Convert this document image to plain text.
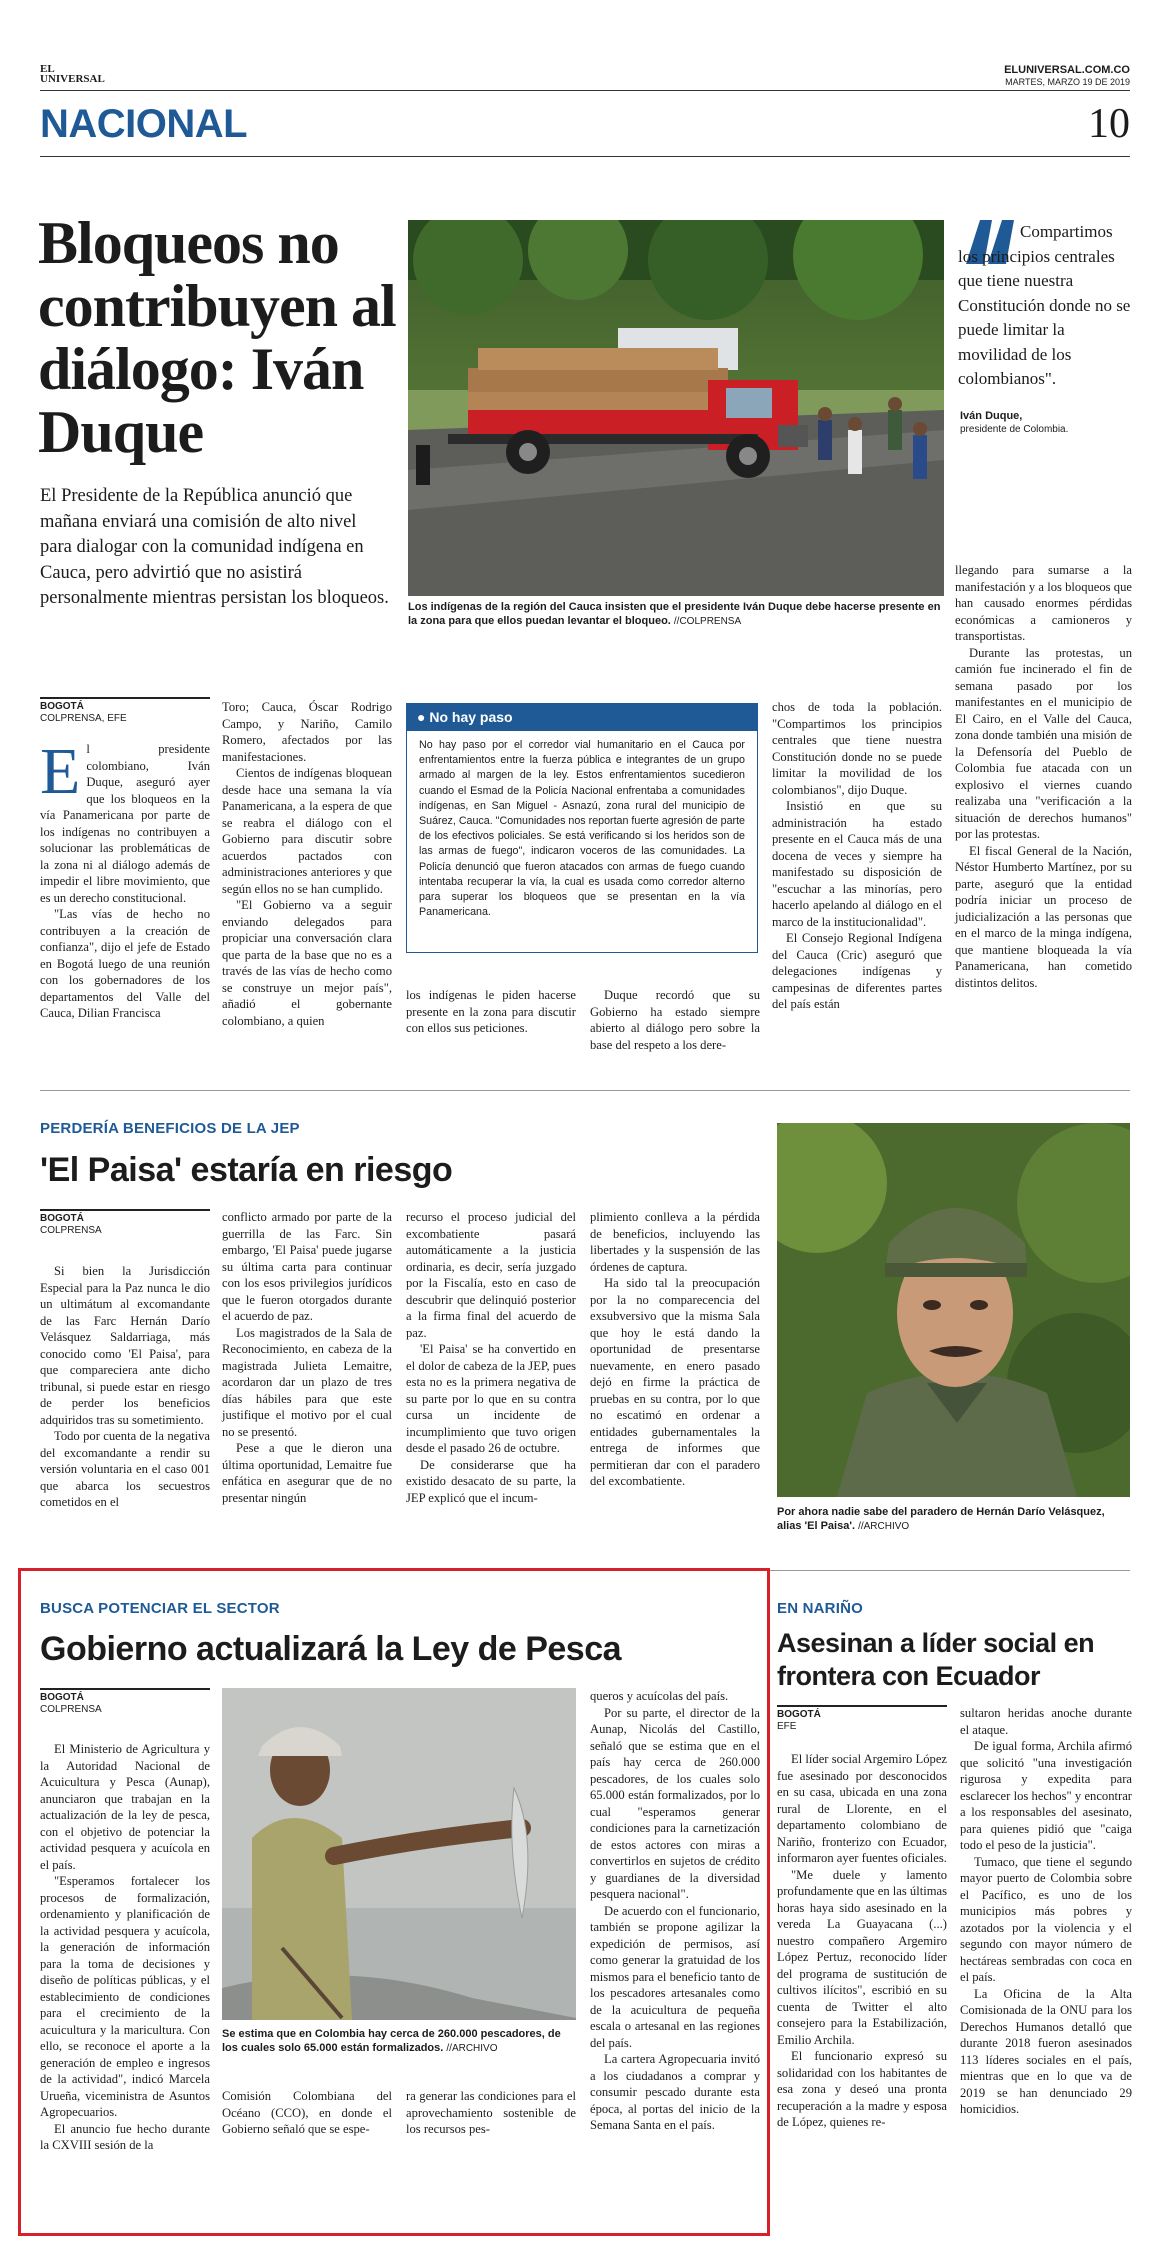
EL UNIVERSAL
ELUNIVERSAL.COM.CO
MARTES, MARZO 19 DE 2019
NACIONAL	10
Bloqueos no contribuyen al diálogo: Iván Duque
El Presidente de la República anunció que mañana enviará una comisión de alto nivel para dialogar con la comunidad indígena en Cauca, pero advirtió que no asistirá personalmente mientras persistan los bloqueos. Los indígenas de la región del Cauca insisten que el presidente Iván Duque debe hacerse presente en la zona para que ellos puedan levantar el bloqueo. //COLPRENSA
Compartimos los principios centrales que tiene nuestra Constitución donde no se puede limitar la movilidad de los colombianos".
Iván Duque,
presidente de Colombia.
BOGOTÁ
COLPRENSA, EFE

El presidente colombiano, Iván Duque, aseguró ayer que los bloqueos en la vía Panamericana por parte de los indígenas no contribuyen a solucionar las problemáticas de la zona ni al diálogo además de impedir el libre movimiento, que es un derecho constitucional.

"Las vías de hecho no contribuyen a la creación de confianza", dijo el jefe de Estado en Bogotá luego de una reunión con los gobernadores de los departamentos del Valle del Cauca, Dilian Francisca

Toro; Cauca, Óscar Rodrigo Campo, y Nariño, Camilo Romero, afectados por las manifestaciones.

Cientos de indígenas bloquean desde hace una semana la vía Panamericana, a la espera de que se reabra el diálogo con el Gobierno para discutir sobre acuerdos pactados con administraciones anteriores y que según ellos no se han cumplido.

"El Gobierno va a seguir enviando delegados para propiciar una conversación clara que parta de la base que no es a través de las vías de hecho como se construye un mejor país", añadió el gobernante colombiano, a quien

● No hay paso
No hay paso por el corredor vial humanitario en el Cauca por enfrentamientos entre la fuerza pública e integrantes de un grupo armado al margen de la ley. Estos enfrentamientos sucedieron cuando el Esmad de la Policía Nacional enfrentaba a comunidades indígenas, en San Miguel - Asnazú, zona rural del municipio de Suárez, Cauca. "Comunidades nos reportan fuerte agresión de parte de los efectivos policiales. Se está verificando si los heridos son de las armas de fuego", indicaron voceros de las comunidades. La Policía denunció que fueron atacados con armas de fuego cuando intentaba recuperar la vía, la cual es usada como corredor alterno para superar los bloqueos que se presentan en la vía Panamericana.

los indígenas le piden hacerse presente en la zona para discutir con ellos sus peticiones.

Duque recordó que su Gobierno ha estado siempre abierto al diálogo pero sobre la base del respeto a los dere-

chos de toda la población. "Compartimos los principios centrales que tiene nuestra Constitución donde no se puede limitar la movilidad de los colombianos", dijo Duque.

Insistió en que su administración ha estado presente en el Cauca más de una docena de veces y siempre ha manifestado su disposición de "escuchar a las minorías, pero hacerlo apelando al diálogo en el marco de la institucionalidad".

El Consejo Regional Indígena del Cauca (Cric) aseguró que delegaciones indígenas y campesinas de diferentes partes del país están

llegando para sumarse a la manifestación y a los bloqueos que han causado enormes pérdidas económicas a camioneros y transportistas.

Durante las protestas, un camión fue incinerado el fin de semana pasado por los manifestantes en el municipio de El Cairo, en el Valle del Cauca, zona donde también una misión de la Defensoría del Pueblo de Colombia fue atacada con un explosivo el viernes cuando realizaba una "verificación a la situación de derechos humanos" por las protestas.

El fiscal General de la Nación, Néstor Humberto Martínez, por su parte, aseguró que la entidad podría iniciar un proceso de judicialización a las personas que en el marco de la minga indígena, que mantiene bloqueada la vía Panamericana, han cometido distintos delitos.

PERDERÍA BENEFICIOS DE LA JEP
'El Paisa' estaría en riesgo
BOGOTÁ
COLPRENSA

Si bien la Jurisdicción Especial para la Paz nunca le dio un ultimátum al excomandante de las Farc Hernán Darío Velásquez Saldarriaga, más conocido como 'El Paisa', para que compareciera ante dicho tribunal, si puede estar en riesgo de perder los beneficios adquiridos tras su sometimiento.

Todo por cuenta de la negativa del excomandante a rendir su versión voluntaria en el caso 001 que abarca los secuestros cometidos en el

conflicto armado por parte de la guerrilla de las Farc. Sin embargo, 'El Paisa' puede jugarse su última carta para continuar con los esos privilegios jurídicos que le fueron otorgados durante el acuerdo de paz.

Los magistrados de la Sala de Reconocimiento, en cabeza de la magistrada Julieta Lemaitre, acordaron dar un plazo de tres días hábiles para que este justifique el motivo por el cual no se presentó.

Pese a que le dieron una última oportunidad, Lemaitre fue enfática en asegurar que de no presentar ningún

recurso el proceso judicial del excombatiente pasará automáticamente a la justicia ordinaria, es decir, sería juzgado por la Fiscalía, esto en caso de descubrir que delinquió posterior a la firma final del acuerdo de paz.

'El Paisa' se ha convertido en el dolor de cabeza de la JEP, pues esta no es la primera negativa de su parte por lo que en su contra cursa un incidente de incumplimiento que tuvo origen desde el pasado 26 de octubre.

De considerarse que ha existido desacato de su parte, la JEP explicó que el incum-

plimiento conlleva a la pérdida de beneficios, incluyendo las libertades y la suspensión de las órdenes de captura.

Ha sido tal la preocupación por la no comparecencia del exsubversivo que la misma Sala que hoy le está dando la oportunidad de presentarse nuevamente, en enero pasado dejó en firme la práctica de pruebas en su contra, por lo que no escatimó en ordenar a entidades gubernamentales la entrega de informes que permitieran dar con el paradero del excombatiente.

Por ahora nadie sabe del paradero de Hernán Darío Velásquez, alias 'El Paisa'. //ARCHIVO
BUSCA POTENCIAR EL SECTOR
Gobierno actualizará la Ley de Pesca
BOGOTÁ
COLPRENSA

El Ministerio de Agricultura y la Autoridad Nacional de Acuicultura y Pesca (Aunap), anunciaron que trabajan en la actualización de la ley de pesca, con el objetivo de potenciar la actividad pesquera y acuícola en el país.

"Esperamos fortalecer los procesos de formalización, ordenamiento y planificación de la actividad pesquera y acuícola, la generación de información para la toma de decisiones y diseño de políticas públicas, y el establecimiento de condiciones para el crecimiento de la acuicultura y la maricultura. Con ello, se reconoce el aporte a la generación de empleo e ingresos de la actividad", indicó Marcela Urueña, viceministra de Asuntos Agropecuarios.

El anuncio fue hecho durante la CXVIII sesión de la

Se estima que en Colombia hay cerca de 260.000 pescadores, de los cuales solo 65.000 están formalizados. //ARCHIVO

Comisión Colombiana del Océano (CCO), en donde el Gobierno señaló que se espe-

ra generar las condiciones para el aprovechamiento sostenible de los recursos pes-

queros y acuícolas del país.

Por su parte, el director de la Aunap, Nicolás del Castillo, señaló que se estima que en el país hay cerca de 260.000 pescadores, de los cuales solo 65.000 están formalizados, por lo cual "esperamos generar condiciones para la carnetización de estos actores con miras a convertirlos en sujetos de crédito y guardianes de la diversidad pesquera nacional".

De acuerdo con el funcionario, también se propone agilizar la expedición de permisos, así como generar la gratuidad de los mismos para el beneficio tanto de los pescadores artesanales como de la acuicultura de pequeña escala o artesanal en las regiones del país.

La cartera Agropecuaria invitó a los ciudadanos a comprar y consumir pescado durante esta época, al portas del inicio de la Semana Santa en el país.

EN NARIÑO
Asesinan a líder social en frontera con Ecuador
BOGOTÁ
EFE

El líder social Argemiro López fue asesinado por desconocidos en su casa, ubicada en una zona rural de Llorente, en el departamento colombiano de Nariño, fronterizo con Ecuador, informaron ayer fuentes oficiales.

"Me duele y lamento profundamente que en las últimas horas haya sido asesinado en la vereda La Guayacana (...) nuestro compañero Argemiro López Pertuz, reconocido líder del programa de sustitución de cultivos ilícitos", escribió en su cuenta de Twitter el alto consejero para la Estabilización, Emilio Archila.

El funcionario expresó su solidaridad con los habitantes de esa zona y deseó una pronta recuperación a la madre y esposa de López, quienes re-

sultaron heridas anoche durante el ataque.

De igual forma, Archila afirmó que solicitó "una investigación rigurosa y expedita para esclarecer los hechos" y encontrar a los responsables del asesinato, para quienes pidió que "caiga todo el peso de la justicia".

Tumaco, que tiene el segundo mayor puerto de Colombia sobre el Pacífico, es uno de los municipios más pobres y azotados por la violencia y el segundo con mayor número de hectáreas sembradas con coca en el país.

La Oficina de la Alta Comisionada de la ONU para los Derechos Humanos detalló que durante 2018 fueron asesinados 113 líderes sociales en el país, mientras que en lo que va de 2019 se han denunciado 29 homicidios.
